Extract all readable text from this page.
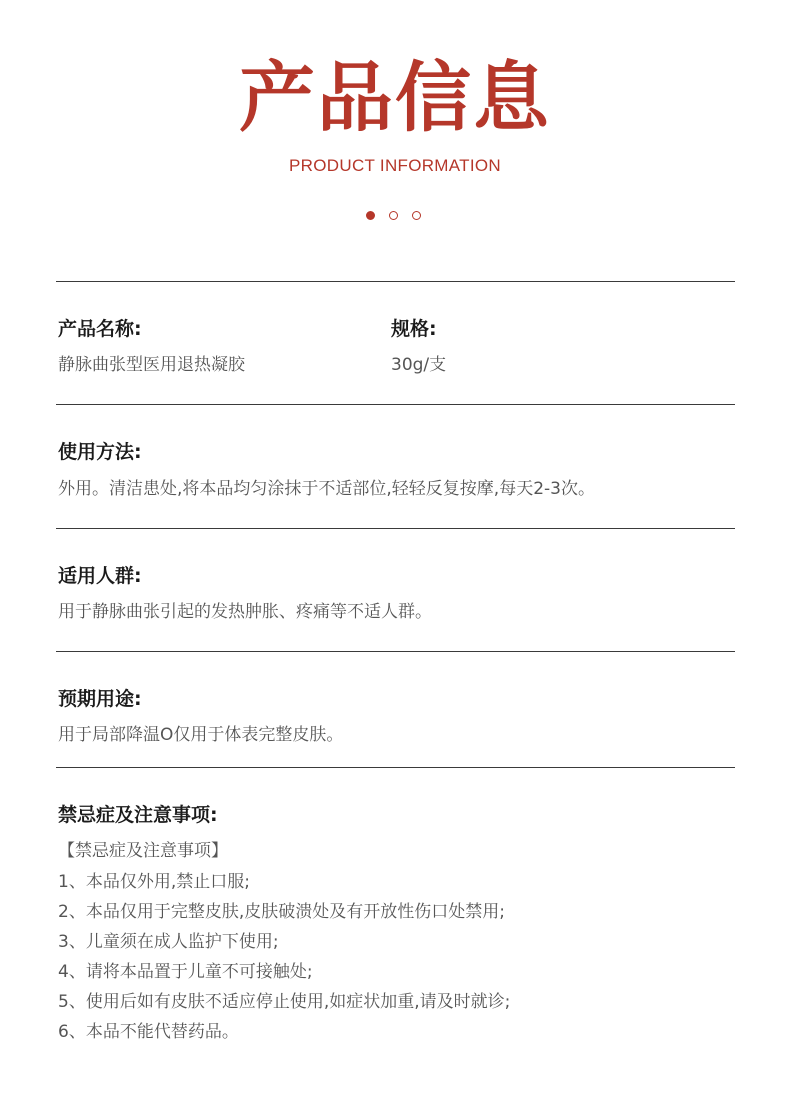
产品信息
PRODUCT INFORMATION
产品名称:
静脉曲张型医用退热凝胶
规格:
30g/支
使用方法:
外用。清洁患处,将本品均匀涂抹于不适部位,轻轻反复按摩,每天2-3次。
适用人群:
用于静脉曲张引起的发热肿胀、疼痛等不适人群。
预期用途:
用于局部降温O仅用于体表完整皮肤。
禁忌症及注意事项:
【禁忌症及注意事项】
1、本品仅外用,禁止口服;
2、本品仅用于完整皮肤,皮肤破溃处及有开放性伤口处禁用;
3、儿童须在成人监护下使用;
4、请将本品置于儿童不可接触处;
5、使用后如有皮肤不适应停止使用,如症状加重,请及时就诊;
6、本品不能代替药品。
